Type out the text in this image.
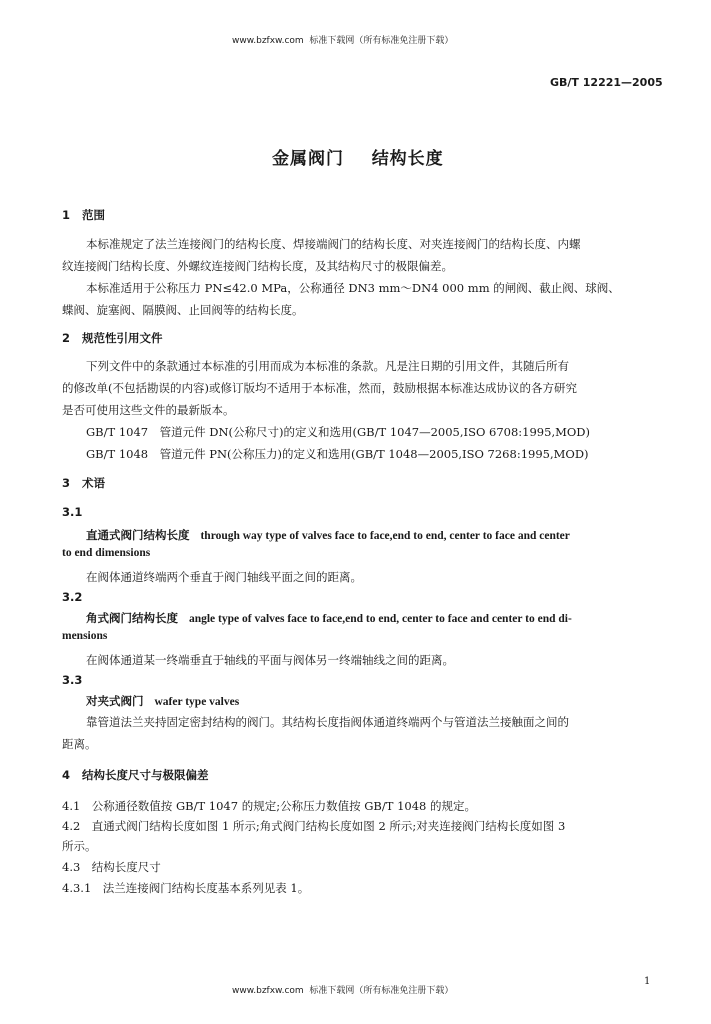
www.bzfxw.com 标准下载网（所有标准免注册下载）
GB/T 12221—2005
金属阀门 结构长度
1 范围
本标准规定了法兰连接阀门的结构长度、焊接端阀门的结构长度、对夹连接阀门的结构长度、内螺
纹连接阀门结构长度、外螺纹连接阀门结构长度，及其结构尺寸的极限偏差。
本标准适用于公称压力 PN≤42.0 MPa，公称通径 DN3 mm～DN4 000 mm 的闸阀、截止阀、球阀、
蝶阀、旋塞阀、隔膜阀、止回阀等的结构长度。
2 规范性引用文件
下列文件中的条款通过本标准的引用而成为本标准的条款。凡是注日期的引用文件，其随后所有
的修改单(不包括勘误的内容)或修订版均不适用于本标准，然而，鼓励根据本标准达成协议的各方研究
是否可使用这些文件的最新版本。
GB/T 1047　管道元件 DN(公称尺寸)的定义和选用(GB/T 1047—2005,ISO 6708:1995,MOD)
GB/T 1048　管道元件 PN(公称压力)的定义和选用(GB/T 1048—2005,ISO 7268:1995,MOD)
3 术语
3.1
直通式阀门结构长度 through way type of valves face to face,end to end, center to face and center
to end dimensions
在阀体通道终端两个垂直于阀门轴线平面之间的距离。
3.2
角式阀门结构长度 angle type of valves face to face,end to end, center to face and center to end di-
mensions
在阀体通道某一终端垂直于轴线的平面与阀体另一终端轴线之间的距离。
3.3
对夹式阀门 wafer type valves
靠管道法兰夹持固定密封结构的阀门。其结构长度指阀体通道终端两个与管道法兰接触面之间的
距离。
4 结构长度尺寸与极限偏差
4.1　公称通径数值按 GB/T 1047 的规定;公称压力数值按 GB/T 1048 的规定。
4.2　直通式阀门结构长度如图 1 所示;角式阀门结构长度如图 2 所示;对夹连接阀门结构长度如图 3
所示。
4.3　结构长度尺寸
4.3.1　法兰连接阀门结构长度基本系列见表 1。
1
www.bzfxw.com 标准下载网（所有标准免注册下载）
